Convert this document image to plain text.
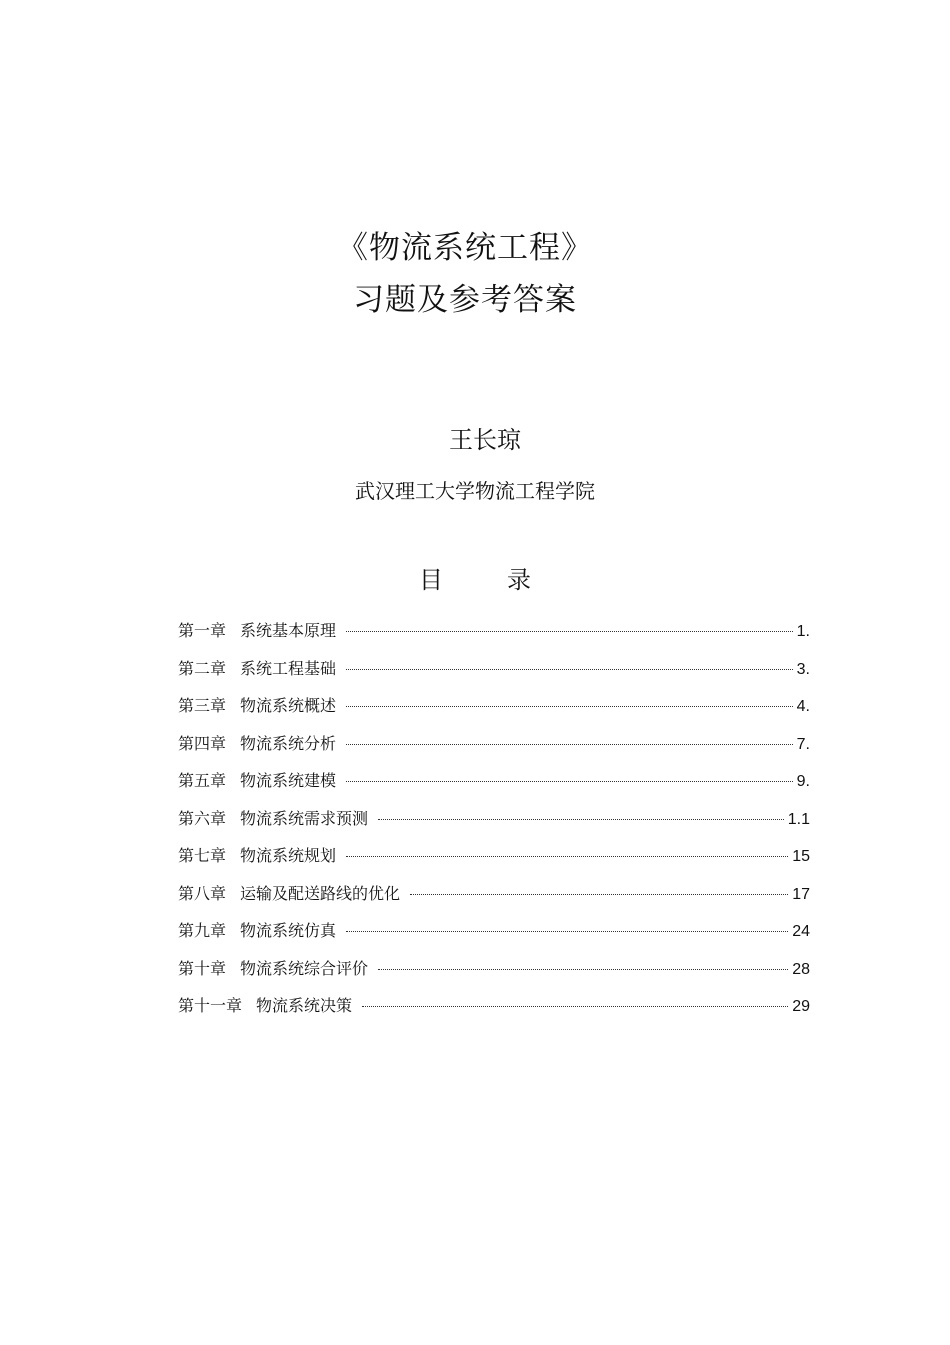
《物流系统工程》
习题及参考答案
王长琼
武汉理工大学物流工程学院
目	录
第一章 系统基本原理	1.
第二章 系统工程基础	3.
第三章 物流系统概述	4.
第四章 物流系统分析	7.
第五章 物流系统建模	9.
第六章 物流系统需求预测	1.1
第七章 物流系统规划	15
第八章 运输及配送路线的优化	17
第九章 物流系统仿真	24
第十章 物流系统综合评价	28
第十一章 物流系统决策	29
